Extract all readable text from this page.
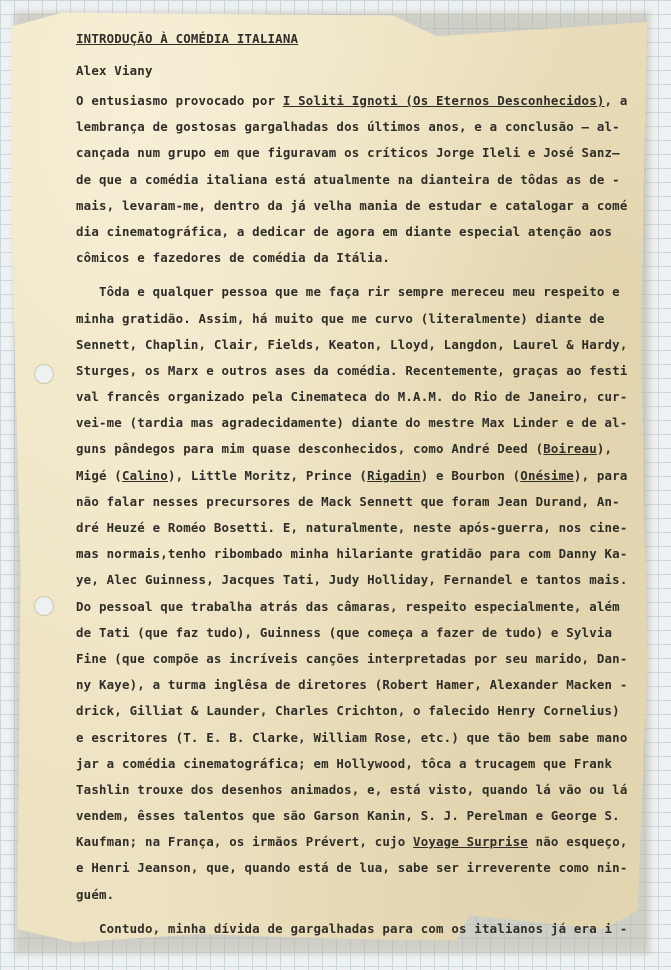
INTRODUÇÃO À COMÉDIA ITALIANA

Alex Viany

O entusiasmo provocado por I Soliti Ignoti (Os Eternos Desconhecidos), a
lembrança de gostosas gargalhadas dos últimos anos, e a conclusão — al-
cançada num grupo em que figuravam os críticos Jorge Ileli e José Sanz—
de que a comédia italiana está atualmente na dianteira de tôdas as de -
mais, levaram-me, dentro da já velha mania de estudar e catalogar a comé
dia cinematográfica, a dedicar de agora em diante especial atenção aos
cômicos e fazedores de comédia da Itália.
Tôda e qualquer pessoa que me faça rir sempre mereceu meu respeito e
minha gratidão. Assim, há muito que me curvo (literalmente) diante de
Sennett, Chaplin, Clair, Fields, Keaton, Lloyd, Langdon, Laurel & Hardy,
Sturges, os Marx e outros ases da comédia. Recentemente, graças ao festi
val francês organizado pela Cinemateca do M.A.M. do Rio de Janeiro, cur-
vei-me (tardia mas agradecidamente) diante do mestre Max Linder e de al-
guns pândegos para mim quase desconhecidos, como André Deed (Boireau),
Migé (Calino), Little Moritz, Prince (Rigadin) e Bourbon (Onésime), para
não falar nesses precursores de Mack Sennett que foram Jean Durand, An-
dré Heuzé e Roméo Bosetti. E, naturalmente, neste após-guerra, nos cine-
mas normais,tenho ribombado minha hilariante gratidão para com Danny Ka-
ye, Alec Guinness, Jacques Tati, Judy Holliday, Fernandel e tantos mais.
Do pessoal que trabalha atrás das câmaras, respeito especialmente, além
de Tati (que faz tudo), Guinness (que começa a fazer de tudo) e Sylvia
Fine (que compõe as incríveis canções interpretadas por seu marido, Dan-
ny Kaye), a turma inglêsa de diretores (Robert Hamer, Alexander Macken -
drick, Gilliat & Launder, Charles Crichton, o falecido Henry Cornelius)
e escritores (T. E. B. Clarke, William Rose, etc.) que tão bem sabe mano
jar a comédia cinematográfica; em Hollywood, tôca a trucagem que Frank
Tashlin trouxe dos desenhos animados, e, está visto, quando lá vão ou lá
vendem, êsses talentos que são Garson Kanin, S. J. Perelman e George S.
Kaufman; na França, os irmãos Prévert, cujo Voyage Surprise não esqueço,
e Henri Jeanson, que, quando está de lua, sabe ser irreverente como nin-
guém.
Contudo, minha dívida de gargalhadas para com os italianos já era i -
